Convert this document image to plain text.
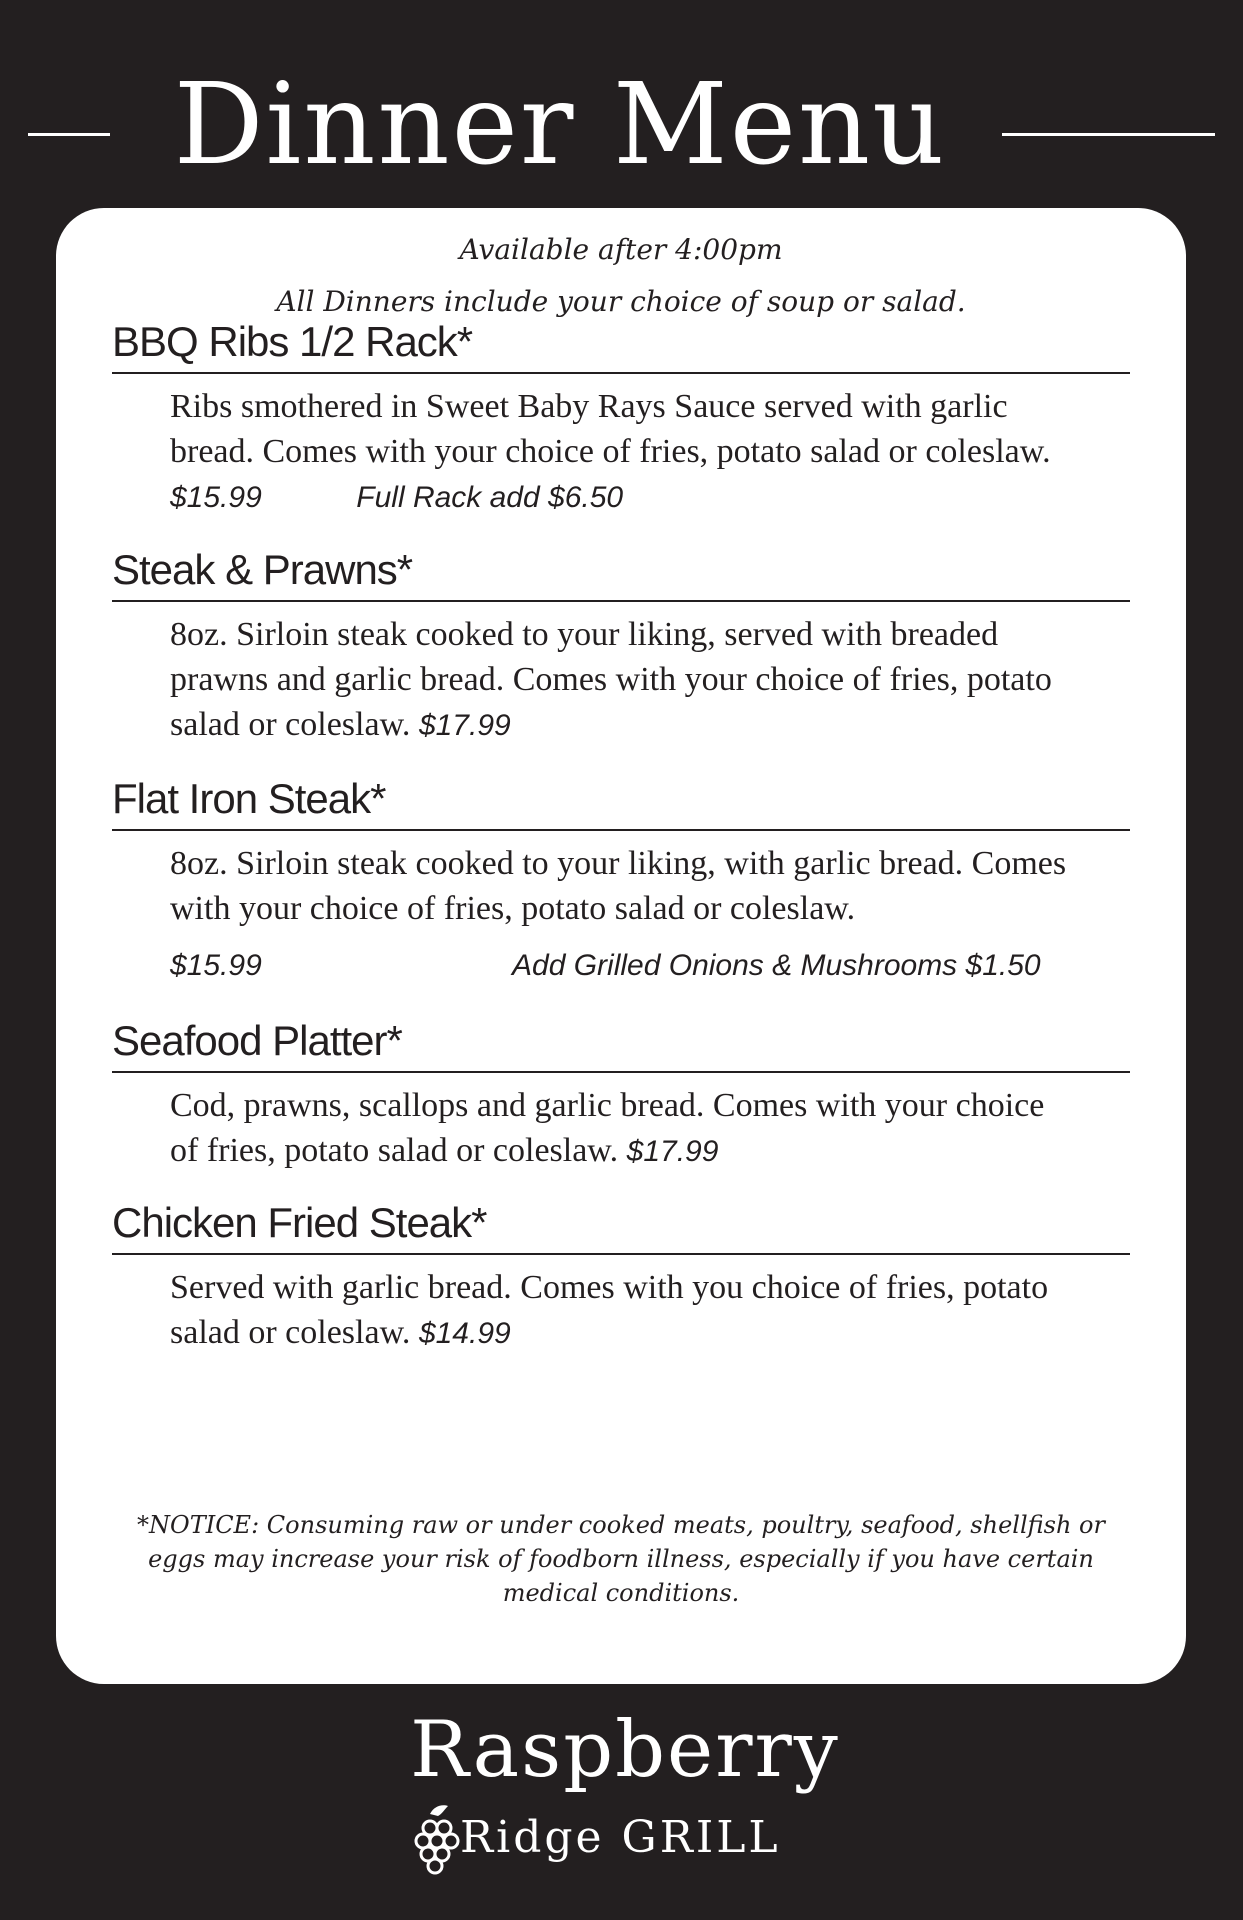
Dinner Menu
Available after 4:00pm
All Dinners include your choice of soup or salad.
BBQ Ribs 1/2 Rack*
Ribs smothered in Sweet Baby Rays Sauce served with garlic bread. Comes with your choice of fries, potato salad or coleslaw. $15.99	Full Rack add $6.50
Steak & Prawns*
8oz. Sirloin steak cooked to your liking, served with breaded prawns and garlic bread. Comes with your choice of fries, potato salad or coleslaw. $17.99
Flat Iron Steak*
8oz. Sirloin steak cooked to your liking, with garlic bread. Comes with your choice of fries, potato salad or coleslaw.
$15.99	Add Grilled Onions & Mushrooms $1.50
Seafood Platter*
Cod, prawns, scallops and garlic bread. Comes with your choice of fries, potato salad or coleslaw. $17.99
Chicken Fried Steak*
Served with garlic bread. Comes with you choice of fries, potato salad or coleslaw. $14.99
*NOTICE: Consuming raw or under cooked meats, poultry, seafood, shellfish or eggs may increase your risk of foodborn illness, especially if you have certain medical conditions.
Raspberry
Ridge GRILL
